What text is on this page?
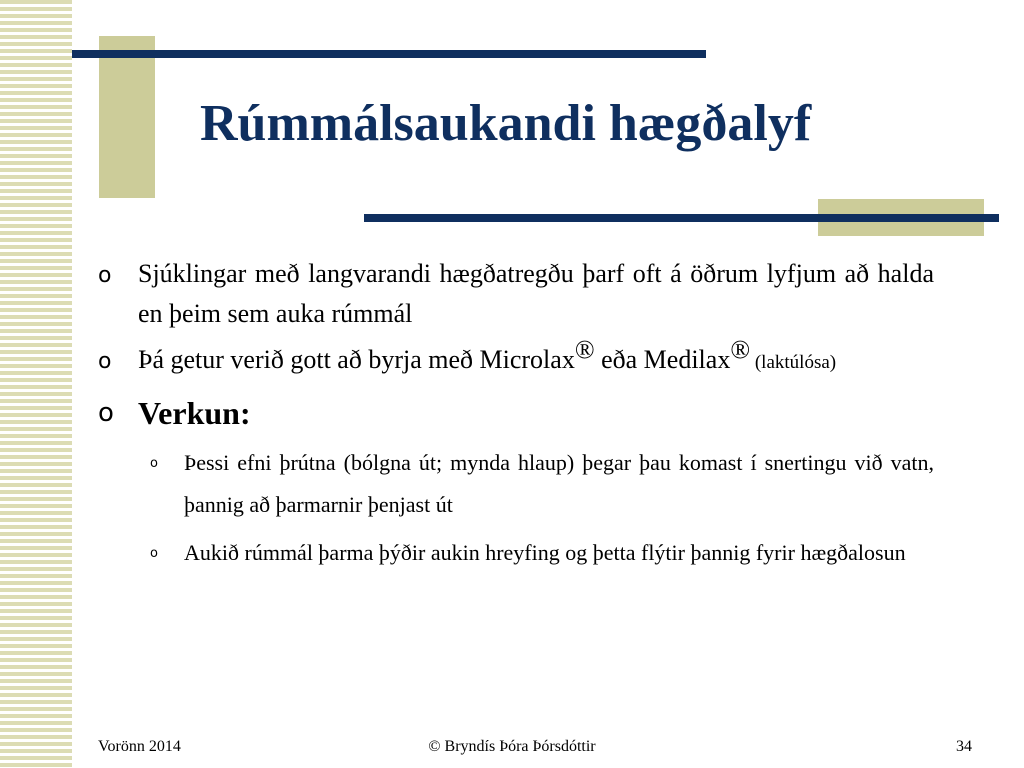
Rúmmálsaukandi hægðalyf
o	Sjúklingar með langvarandi hægðatregðu þarf oft á öðrum lyfjum að halda en þeim sem auka rúmmál
o	Þá getur verið gott að byrja með Microlax® eða Medilax® (laktúlósa)
o Verkun:
o	Þessi efni þrútna (bólgna út; mynda hlaup) þegar þau komast í snertingu við vatn, þannig að þarmarnir þenjast út
o	Aukið rúmmál þarma þýðir aukin hreyfing og þetta flýtir þannig fyrir hægðalosun
© Bryndís Þóra Þórsdóttir
Vorönn 2014	34
